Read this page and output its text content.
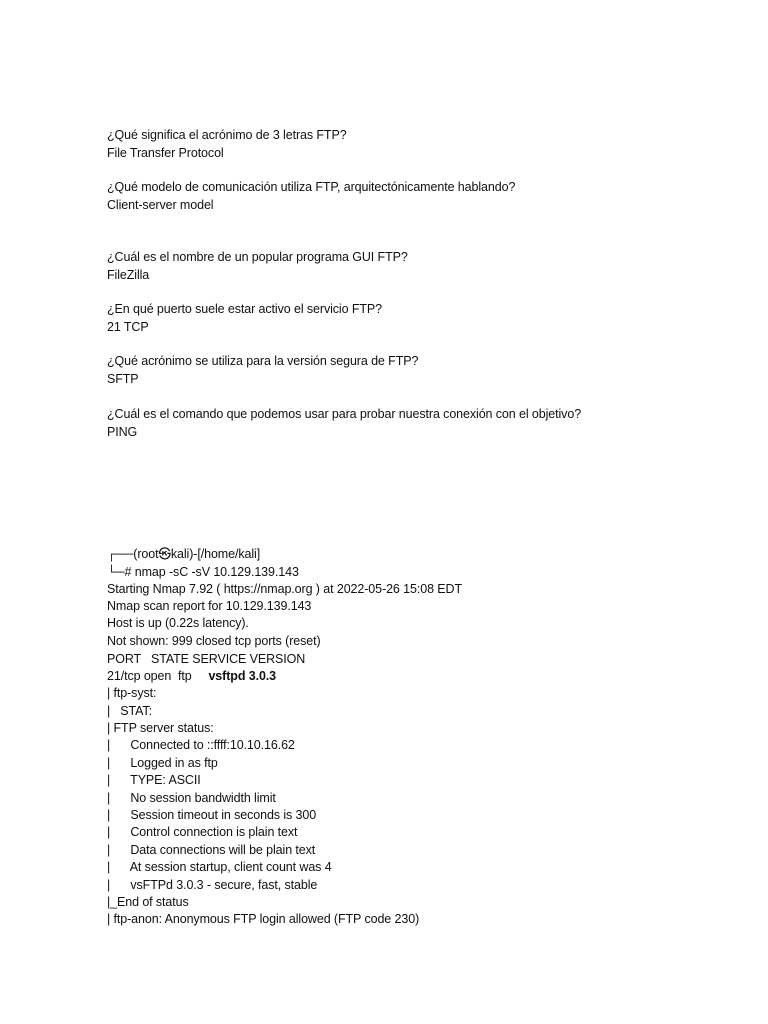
¿Qué significa el acrónimo de 3 letras FTP?
File Transfer Protocol
¿Qué modelo de comunicación utiliza FTP, arquitectónicamente hablando?
Client-server model
¿Cuál es el nombre de un popular programa GUI FTP?
FileZilla
¿En qué puerto suele estar activo el servicio FTP?
21 TCP
¿Qué acrónimo se utiliza para la versión segura de FTP?
SFTP
¿Cuál es el comando que podemos usar para probar nuestra conexión con el objetivo?
PING
┌──(root㉿kali)-[/home/kali]
└─# nmap -sC -sV 10.129.139.143
Starting Nmap 7.92 ( https://nmap.org ) at 2022-05-26 15:08 EDT
Nmap scan report for 10.129.139.143
Host is up (0.22s latency).
Not shown: 999 closed tcp ports (reset)
PORT   STATE SERVICE VERSION
21/tcp open  ftp     vsftpd 3.0.3
| ftp-syst:
|   STAT:
| FTP server status:
|      Connected to ::ffff:10.10.16.62
|      Logged in as ftp
|      TYPE: ASCII
|      No session bandwidth limit
|      Session timeout in seconds is 300
|      Control connection is plain text
|      Data connections will be plain text
|      At session startup, client count was 4
|      vsFTPd 3.0.3 - secure, fast, stable
|_End of status
| ftp-anon: Anonymous FTP login allowed (FTP code 230)
